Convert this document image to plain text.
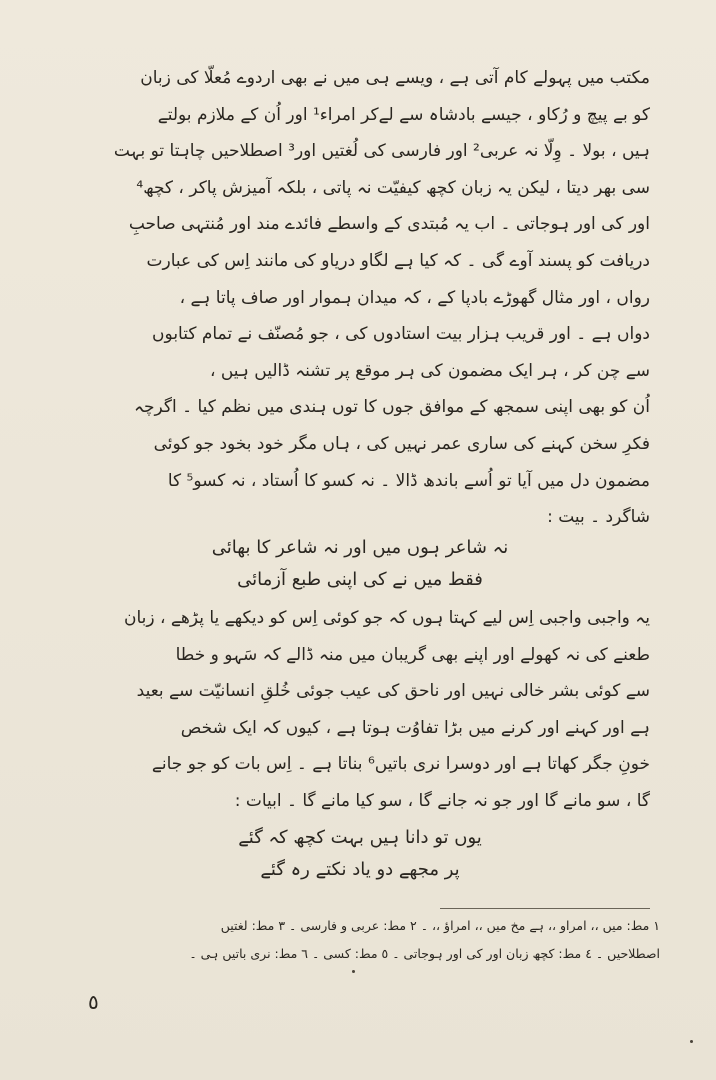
مکتب میں پہولے کام آتی ہے ، ویسے ہی میں نے بھی اردوے مُعلّا کی زبان
کو بے پیچ و رُکاو ، جیسے بادشاہ سے لےکر امراء¹ اور اُن کے ملازم بولتے
ہیں ، بولا ۔ وِلّا نہ عربی² اور فارسی کی لُغتیں اور³ اصطلاحیں چاہتا تو بہت
سی بھر دیتا ، لیکن یہ زبان کچھ کیفیّت نہ پاتی ، بلکہ آمیزش پاکر ، کچھ⁴
اور کی اور ہوجاتی ۔ اب یہ مُبتدی کے واسطے فائدے مند اور مُنتہی صاحبِ
دریافت کو پسند آوے گی ۔ کہ کیا ہے لگاو دریاو کی مانند اِس کی عبارت
رواں ، اور مثال گھوڑے بادپا کے ، کہ میدان ہموار اور صاف پاتا ہے ،
دواں ہے ۔ اور قریب ہزار بیت استادوں کی ، جو مُصنّف نے تمام کتابوں
سے چن کر ، ہر ایک مضمون کی ہر موقع پر تشنہ ڈالیں ہیں ،
اُن کو بھی اپنی سمجھ کے موافق جوں کا توں ہندی میں نظم کیا ۔ اگرچہ
فکرِ سخن کہنے کی ساری عمر نہیں کی ، ہاں مگر خود بخود جو کوئی
مضمون دل میں آیا تو اُسے باندھ ڈالا ۔ نہ کسو کا اُستاد ، نہ کسو⁵ کا
شاگرد ۔ بیت :
نہ شاعر ہوں میں اور نہ شاعر کا بھائی
فقط میں نے کی اپنی طبع آزمائی
یہ واجبی واجبی اِس لیے کہتا ہوں کہ جو کوئی اِس کو دیکھے یا پڑھے ، زبان
طعنے کی نہ کھولے اور اپنے بھی گریبان میں منہ ڈالے کہ سَہو و خطا
سے کوئی بشر خالی نہیں اور ناحق کی عیب جوئی خُلقِ انسانیّت سے بعید
ہے اور کہنے اور کرنے میں بڑا تفاوُت ہوتا ہے ، کیوں کہ ایک شخص
خونِ جگر کھاتا ہے اور دوسرا نری باتیں⁶ بناتا ہے ۔ اِس بات کو جو جانے
گا ، سو مانے گا اور جو نہ جانے گا ، سو کیا مانے گا ۔ ابیات :
یوں تو دانا ہیں بہت کچھ کہ گئے
پر مجھے دو یاد نکتے رہ گئے
١ مط: میں ،، امراو ،، ہے مخ میں ،، امراؤ ،، ۔ ٢ مط: عربی و فارسی ۔ ٣ مط: لغتیں
اصطلاحیں ۔ ٤ مط: کچھ زبان اور کی اور ہوجاتی ۔ ٥ مط: کسی ۔ ٦ مط: نری باتیں ہی ۔
٥
